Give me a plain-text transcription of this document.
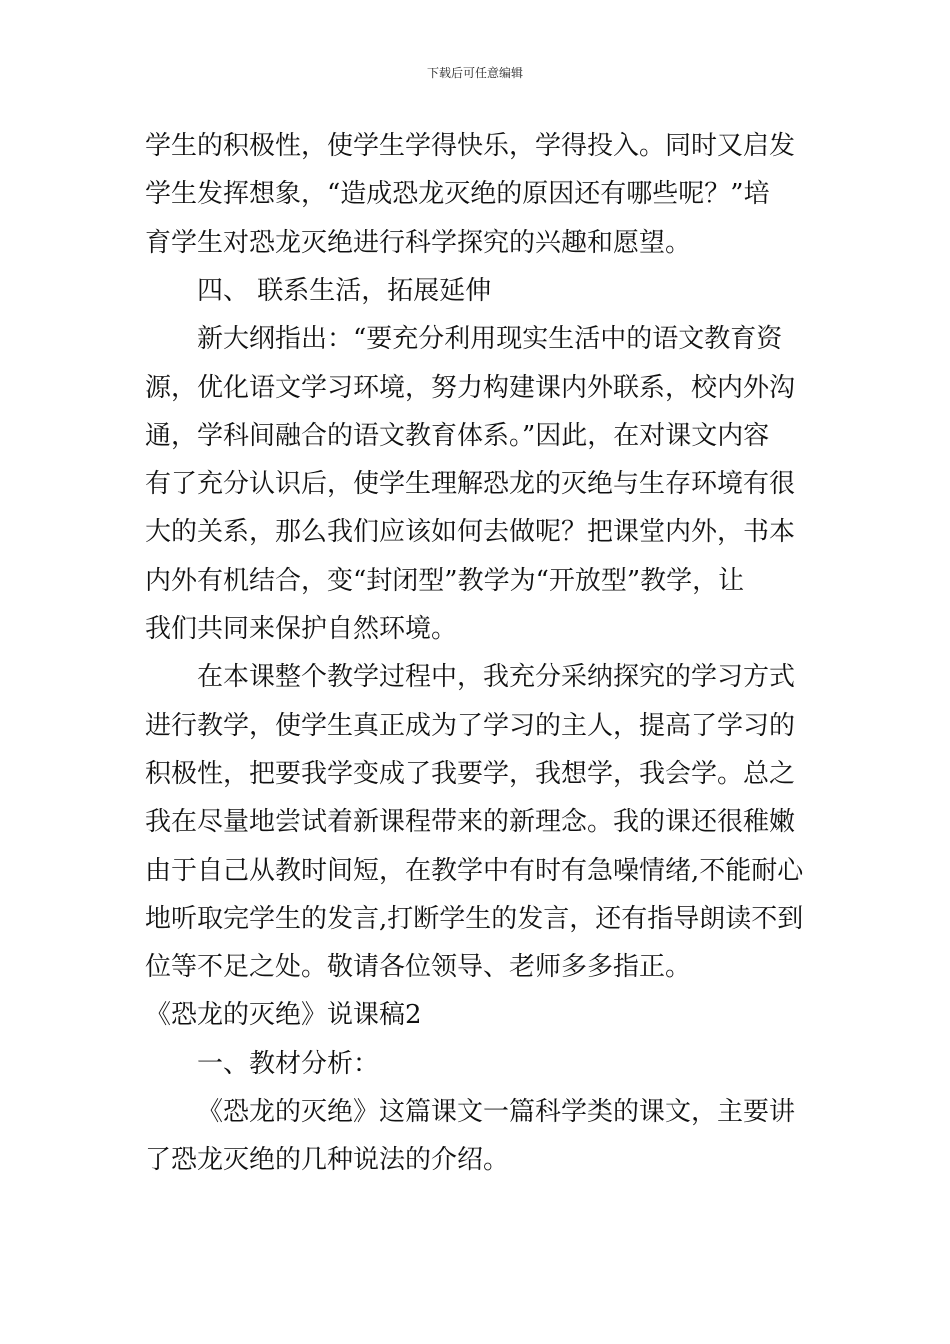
下载后可任意编辑
学生的积极性，使学生学得快乐，学得投入。同时又启发
学生发挥想象，“造成恐龙灭绝的原因还有哪些呢？”培
育学生对恐龙灭绝进行科学探究的兴趣和愿望。
四、 联系生活，拓展延伸
新大纲指出：“要充分利用现实生活中的语文教育资
源，优化语文学习环境，努力构建课内外联系，校内外沟
通，学科间融合的语文教育体系。”因此，在对课文内容
有了充分认识后，使学生理解恐龙的灭绝与生存环境有很
大的关系，那么我们应该如何去做呢？把课堂内外，书本
内外有机结合，变“封闭型”教学为“开放型”教学，让
我们共同来保护自然环境。
在本课整个教学过程中，我充分采纳探究的学习方式
进行教学，使学生真正成为了学习的主人，提高了学习的
积极性，把要我学变成了我要学，我想学，我会学。总之
我在尽量地尝试着新课程带来的新理念。我的课还很稚嫩
由于自己从教时间短，在教学中有时有急噪情绪,不能耐心
地听取完学生的发言,打断学生的发言，还有指导朗读不到
位等不足之处。敬请各位领导、老师多多指正。
《恐龙的灭绝》说课稿2
一、教材分析：
《恐龙的灭绝》这篇课文一篇科学类的课文，主要讲
了恐龙灭绝的几种说法的介绍。
